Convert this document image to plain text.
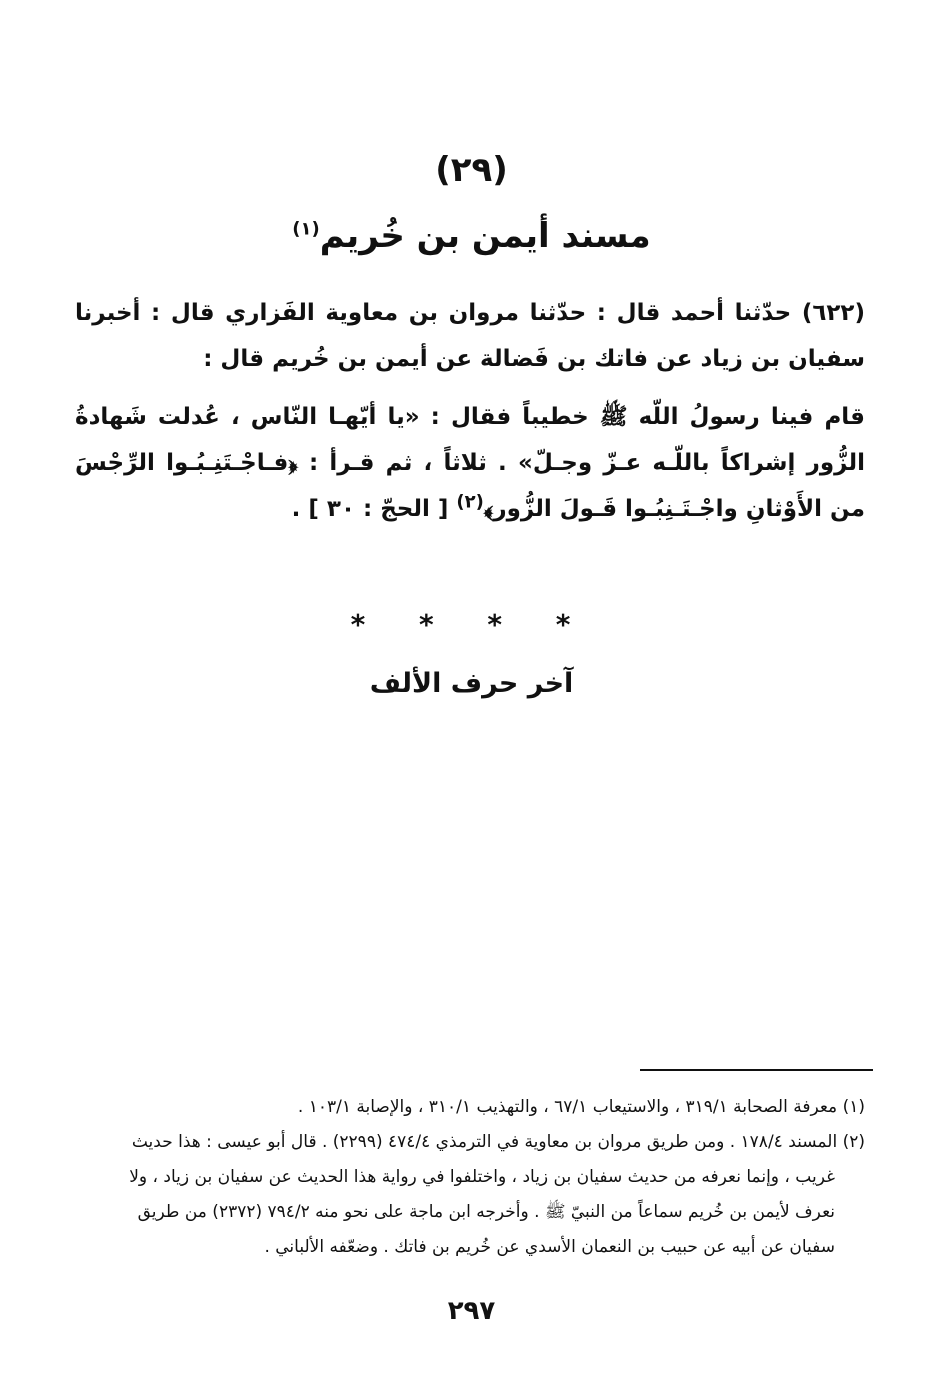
(٢٩)
مسند أيمن بن خُريم$^{(١)}$

(٦٢٢) حدّثنا أحمد قال : حدّثنا مروان بن معاوية الفَزاري قال : أخبرنا سفيان بن زياد عن فاتك بن فَضالة عن أيمن بن خُريم قال :

قام فينا رسولُ اللّه ﷺ خطيباً فقال : «يا أيّهـا النّاس ، عُدلت شَهادةُ الزُّور إشراكاً باللّـه عـزّ وجـلّ» . ثلاثاً ، ثم قـرأ : ﴿فـاجْـتَنِـبُـوا الرِّجْسَ من الأَوْثانِ واجْـتَـنِبُـوا قَـولَ الزُّور﴾$^{(٢)}$ [ الحجّ : ٣٠ ] .

* * * *
آخر حرف الألف

(١) معرفة الصحابة ٣١٩/١ ، والاستيعاب ٦٧/١ ، والتهذيب ٣١٠/١ ، والإصابة ١٠٣/١ .

(٢) المسند ١٧٨/٤ . ومن طريق مروان بن معاوية في الترمذي ٤٧٤/٤ (٢٢٩٩) . قال أبو عيسى : هذا حديث

غريب ، وإنما نعرفه من حديث سفيان بن زياد ، واختلفوا في رواية هذا الحديث عن سفيان بن زياد ، ولا

نعرف لأيمن بن خُريم سماعاً من النبيّ ﷺ . وأخرجه ابن ماجة على نحو منه ٧٩٤/٢ (٢٣٧٢) من طريق

سفيان عن أبيه عن حبيب بن النعمان الأسدي عن خُريم بن فاتك . وضعّفه الألباني .

٢٩٧
